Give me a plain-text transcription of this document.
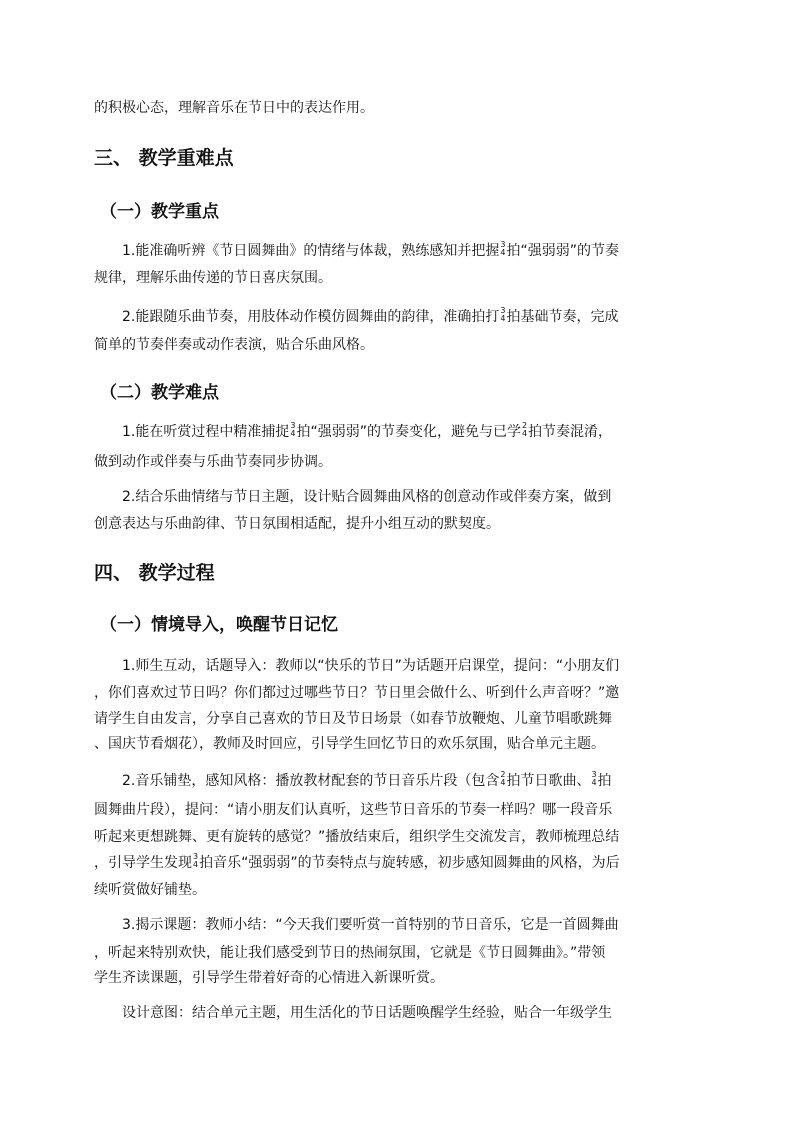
的积极心态，理解音乐在节日中的表达作用。
三、 教学重难点
（一）教学重点
1.能准确听辨《节日圆舞曲》的情绪与体裁，熟练感知并把握 3
4 拍“强弱弱”的节奏
规律，理解乐曲传递的节日喜庆氛围。
2.能跟随乐曲节奏，用肢体动作模仿圆舞曲的韵律，准确拍打 3
4 拍基础节奏，完成
简单的节奏伴奏或动作表演，贴合乐曲风格。
（二）教学难点
1.能在听赏过程中精准捕捉 3
4 拍“强弱弱”的节奏变化，避免与已学 2
4 拍节奏混淆，
做到动作或伴奏与乐曲节奏同步协调。
2.结合乐曲情绪与节日主题，设计贴合圆舞曲风格的创意动作或伴奏方案，做到
创意表达与乐曲韵律、节日氛围相适配，提升小组互动的默契度。
四、 教学过程
（一）情境导入，唤醒节日记忆
1.师生互动，话题导入：教师以“快乐的节日”为话题开启课堂，提问：“小朋友们
，你们喜欢过节日吗？你们都过过哪些节日？节日里会做什么、听到什么声音呀？”邀
请学生自由发言，分享自己喜欢的节日及节日场景（如春节放鞭炮、儿童节唱歌跳舞
、国庆节看烟花），教师及时回应，引导学生回忆节日的欢乐氛围，贴合单元主题。
2.音乐铺垫，感知风格：播放教材配套的节日音乐片段（包含 2
4 拍节日歌曲、 3
4 拍
圆舞曲片段），提问：“请小朋友们认真听，这些节日音乐的节奏一样吗？哪一段音乐
听起来更想跳舞、更有旋转的感觉？”播放结束后，组织学生交流发言，教师梳理总结
，引导学生发现 3
4 拍音乐“强弱弱”的节奏特点与旋转感，初步感知圆舞曲的风格，为后
续听赏做好铺垫。
3.揭示课题：教师小结：“今天我们要听赏一首特别的节日音乐，它是一首圆舞曲
，听起来特别欢快，能让我们感受到节日的热闹氛围，它就是《节日圆舞曲》。”带领
学生齐读课题，引导学生带着好奇的心情进入新课听赏。
设计意图：结合单元主题，用生活化的节日话题唤醒学生经验，贴合一年级学生
